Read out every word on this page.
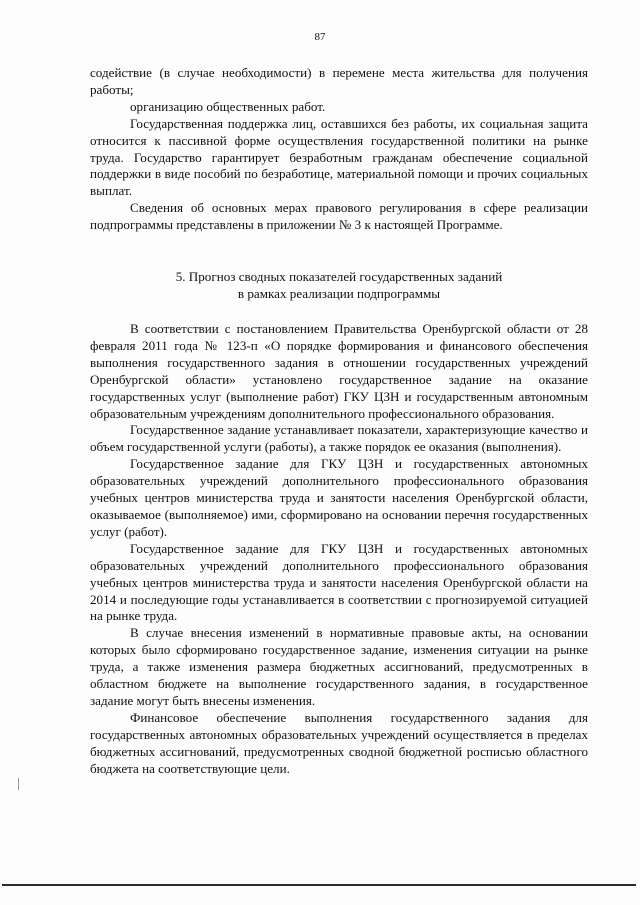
87

содействие (в случае необходимости) в перемене места жительства для получения работы;

организацию общественных работ.

Государственная поддержка лиц, оставшихся без работы, их социальная защита относится к пассивной форме осуществления государственной политики на рынке труда. Государство гарантирует безработным гражданам обеспечение социальной поддержки в виде пособий по безработице, материальной помощи и прочих социальных выплат.

Сведения об основных мерах правового регулирования в сфере реализации подпрограммы представлены в приложении № 3 к настоящей Программе.

5. Прогноз сводных показателей государственных заданий
в рамках реализации подпрограммы

В соответствии с постановлением Правительства Оренбургской области от 28 февраля 2011 года № 123-п «О порядке формирования и финансового обеспечения выполнения государственного задания в отношении государственных учреждений Оренбургской области» установлено государственное задание на оказание государственных услуг (выполнение работ) ГКУ ЦЗН и государственным автономным образовательным учреждениям дополнительного профессионального образования.

Государственное задание устанавливает показатели, характеризующие качество и объем государственной услуги (работы), а также порядок ее оказания (выполнения).

Государственное задание для ГКУ ЦЗН и государственных автономных образовательных учреждений дополнительного профессионального образования учебных центров министерства труда и занятости населения Оренбургской области, оказываемое (выполняемое) ими, сформировано на основании перечня государственных услуг (работ).

Государственное задание для ГКУ ЦЗН и государственных автономных образовательных учреждений дополнительного профессионального образования учебных центров министерства труда и занятости населения Оренбургской области на 2014 и последующие годы устанавливается в соответствии с прогнозируемой ситуацией на рынке труда.

В случае внесения изменений в нормативные правовые акты, на основании которых было сформировано государственное задание, изменения ситуации на рынке труда, а также изменения размера бюджетных ассигнований, предусмотренных в областном бюджете на выполнение государственного задания, в государственное задание могут быть внесены изменения.

Финансовое обеспечение выполнения государственного задания для государственных автономных образовательных учреждений осуществляется в пределах бюджетных ассигнований, предусмотренных сводной бюджетной росписью областного бюджета на соответствующие цели.
